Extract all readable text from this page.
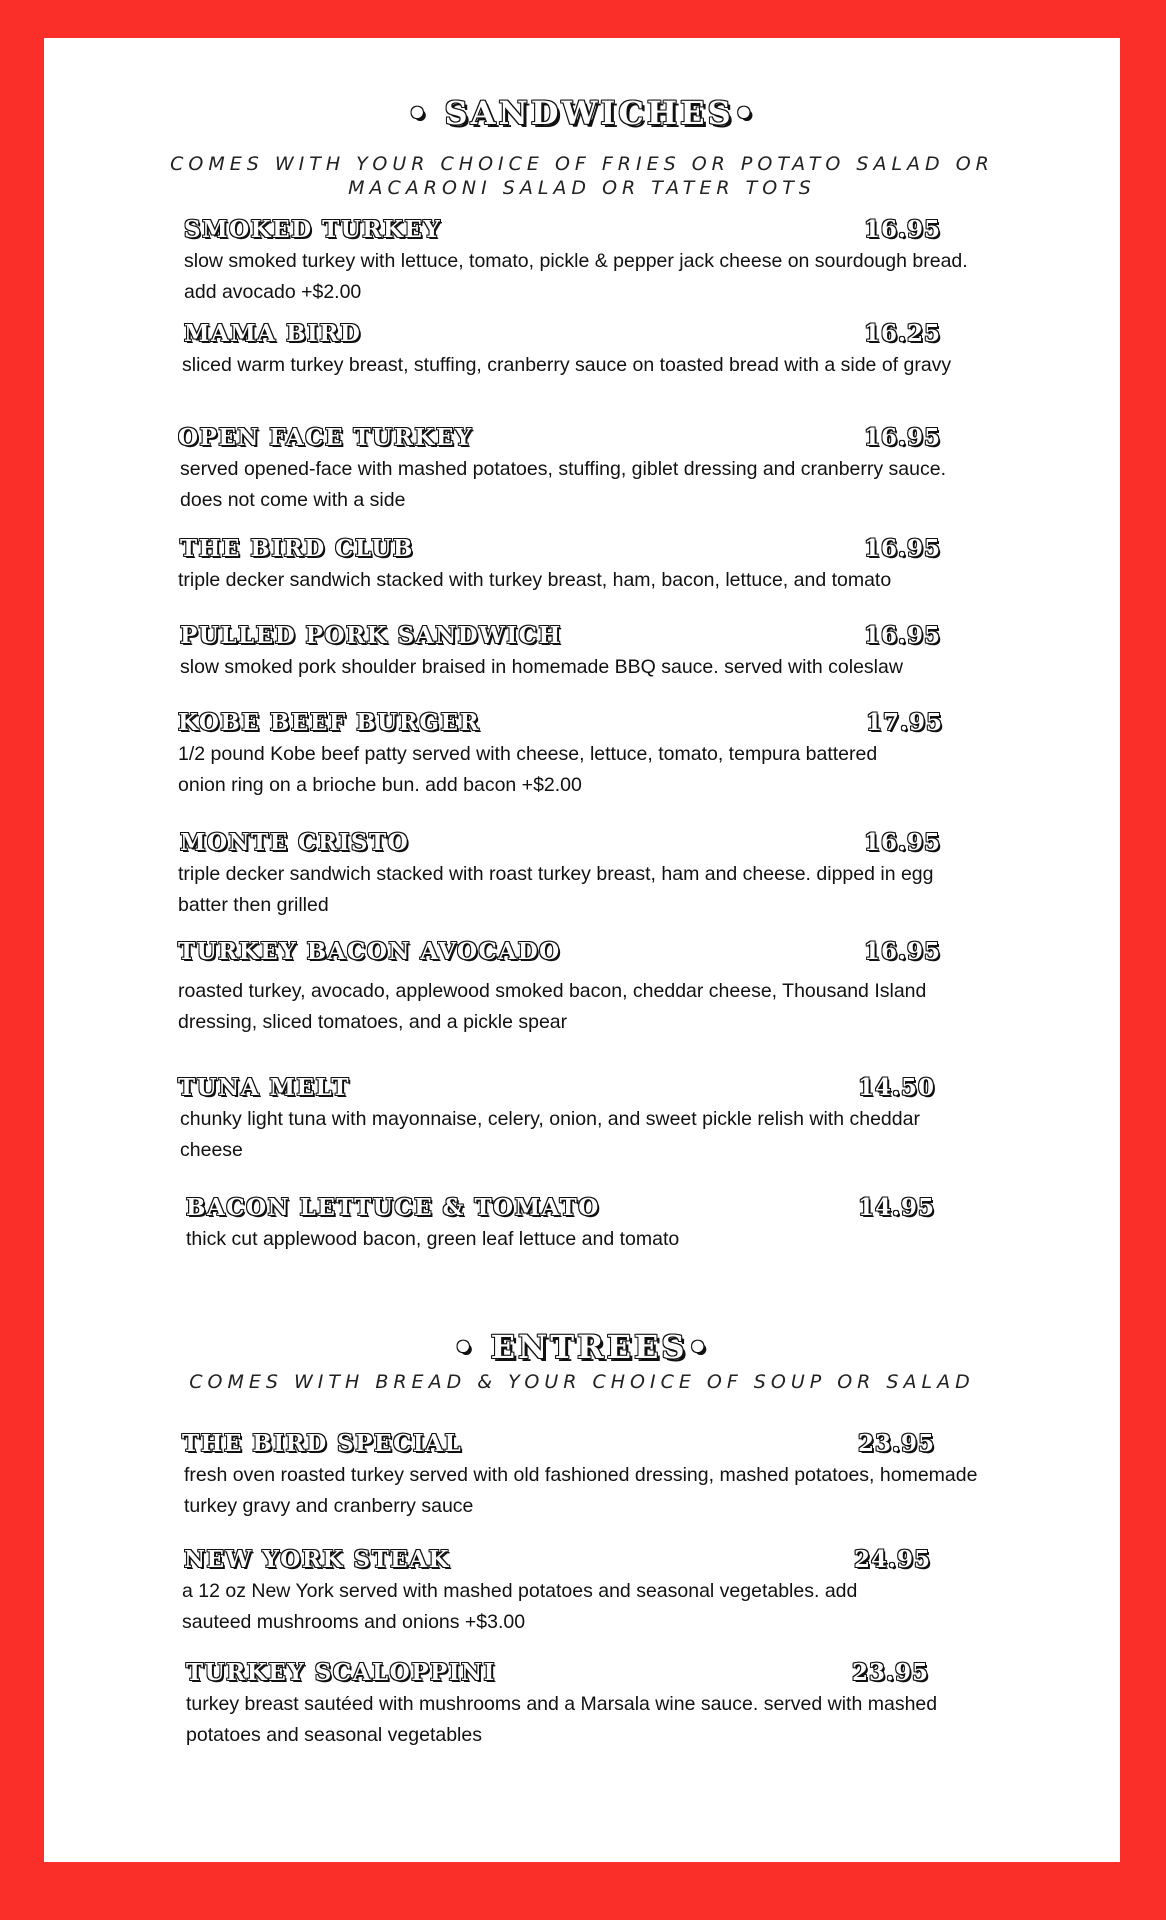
• SANDWICHES•

COMES WITH YOUR CHOICE OF FRIES OR POTATO SALAD OR MACARONI SALAD OR TATER TOTS

SMOKED TURKEY	16.95

slow smoked turkey with lettuce, tomato, pickle & pepper jack cheese on sourdough bread. add avocado +$2.00

MAMA BIRD	16.25

sliced warm turkey breast, stuffing, cranberry sauce on toasted bread with a side of gravy

OPEN FACE TURKEY	16.95

served opened-face with mashed potatoes, stuffing, giblet dressing and cranberry sauce. does not come with a side

THE BIRD CLUB	16.95

triple decker sandwich stacked with turkey breast, ham, bacon, lettuce, and tomato

PULLED PORK SANDWICH	16.95

slow smoked pork shoulder braised in homemade BBQ sauce. served with coleslaw

KOBE BEEF BURGER	17.95

1/2 pound Kobe beef patty served with cheese, lettuce, tomato, tempura battered onion ring on a brioche bun. add bacon +$2.00

MONTE CRISTO	16.95

triple decker sandwich stacked with roast turkey breast, ham and cheese. dipped in egg batter then grilled

TURKEY BACON AVOCADO	16.95

roasted turkey, avocado, applewood smoked bacon, cheddar cheese, Thousand Island dressing, sliced tomatoes, and a pickle spear

TUNA MELT	14.50

chunky light tuna with mayonnaise, celery, onion, and sweet pickle relish with cheddar cheese

BACON LETTUCE & TOMATO	14.95

thick cut applewood bacon, green leaf lettuce and tomato

• ENTREES•

COMES WITH BREAD & YOUR CHOICE OF SOUP OR SALAD

THE BIRD SPECIAL	23.95

fresh oven roasted turkey served with old fashioned dressing, mashed potatoes, homemade turkey gravy and cranberry sauce

NEW YORK STEAK	24.95

a 12 oz New York served with mashed potatoes and seasonal vegetables. add sauteed mushrooms and onions +$3.00

TURKEY SCALOPPINI	23.95

turkey breast sautéed with mushrooms and a Marsala wine sauce. served with mashed potatoes and seasonal vegetables
